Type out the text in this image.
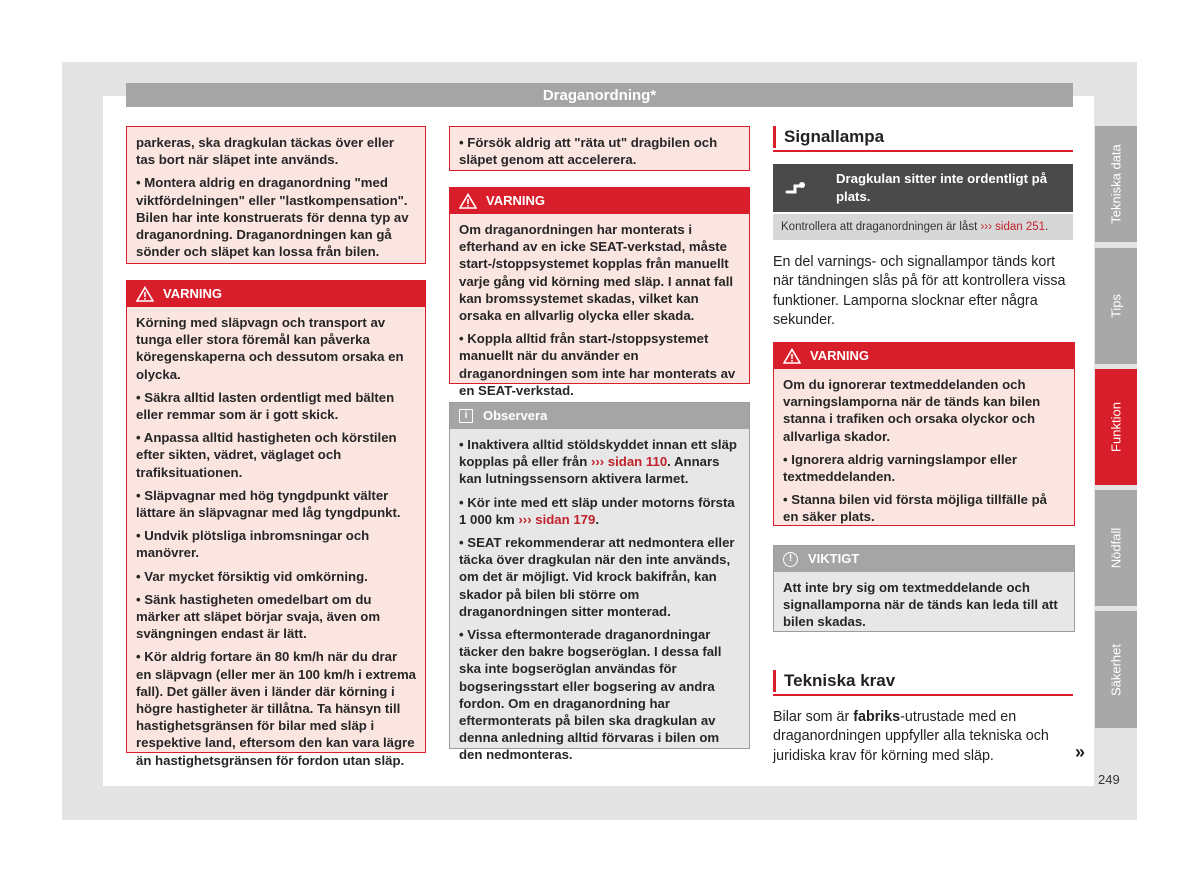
Draganordning*

parkeras, ska dragkulan täckas över eller tas bort när släpet inte används.

• Montera aldrig en draganordning "med viktfördelningen" eller "lastkompensation". Bilen har inte konstruerats för denna typ av draganordning. Draganordningen kan gå sönder och släpet kan lossa från bilen.

VARNING

Körning med släpvagn och transport av tunga eller stora föremål kan påverka köregenskaperna och dessutom orsaka en olycka.

• Säkra alltid lasten ordentligt med bälten eller remmar som är i gott skick.

• Anpassa alltid hastigheten och körstilen efter sikten, vädret, väglaget och trafiksituationen.

• Släpvagnar med hög tyngdpunkt välter lättare än släpvagnar med låg tyngdpunkt.

• Undvik plötsliga inbromsningar och manövrer.

• Var mycket försiktig vid omkörning.

• Sänk hastigheten omedelbart om du märker att släpet börjar svaja, även om svängningen endast är lätt.

• Kör aldrig fortare än 80 km/h när du drar en släpvagn (eller mer än 100 km/h i extrema fall). Det gäller även i länder där körning i högre hastigheter är tillåtna. Ta hänsyn till hastighetsgränsen för bilar med släp i respektive land, eftersom den kan vara lägre än hastighetsgränsen för fordon utan släp.

• Försök aldrig att "räta ut" dragbilen och släpet genom att accelerera.

VARNING

Om draganordningen har monterats i efterhand av en icke SEAT-verkstad, måste start-/stoppsystemet kopplas från manuellt varje gång vid körning med släp. I annat fall kan bromssystemet skadas, vilket kan orsaka en allvarlig olycka eller skada.

• Koppla alltid från start-/stoppsystemet manuellt när du använder en draganordningen som inte har monterats av en SEAT-verkstad.

i	Observera

• Inaktivera alltid stöldskyddet innan ett släp kopplas på eller från ››› sidan 110. Annars kan lutningssensorn aktivera larmet.

• Kör inte med ett släp under motorns första 1 000 km ››› sidan 179.

• SEAT rekommenderar att nedmontera eller täcka över dragkulan när den inte används, om det är möjligt. Vid krock bakifrån, kan skador på bilen bli större om draganordningen sitter monterad.

• Vissa eftermonterade draganordningar täcker den bakre bogseröglan. I dessa fall ska inte bogseröglan användas för bogseringsstart eller bogsering av andra fordon. Om en draganordning har eftermonterats på bilen ska dragkulan av denna anledning alltid förvaras i bilen om den nedmonteras.

Signallampa
Dragkulan sitter inte ordentligt på plats.
Kontrollera att draganordningen är låst ››› sidan 251.
En del varnings- och signallampor tänds kort när tändningen slås på för att kontrollera vissa funktioner. Lamporna slocknar efter några sekunder.
VARNING

Om du ignorerar textmeddelanden och varningslamporna när de tänds kan bilen stanna i trafiken och orsaka olyckor och allvarliga skador.

• Ignorera aldrig varningslampor eller textmeddelanden.

• Stanna bilen vid första möjliga tillfälle på en säker plats.

!	VIKTIGT

Att inte bry sig om textmeddelande och signallamporna när de tänds kan leda till att bilen skadas.

Tekniska krav
Bilar som är fabriks-utrustade med en draganordningen uppfyller alla tekniska och juridiska krav för körning med släp.	»
Tekniska data
Tips
Funktion
Nödfall
Säkerhet
249
